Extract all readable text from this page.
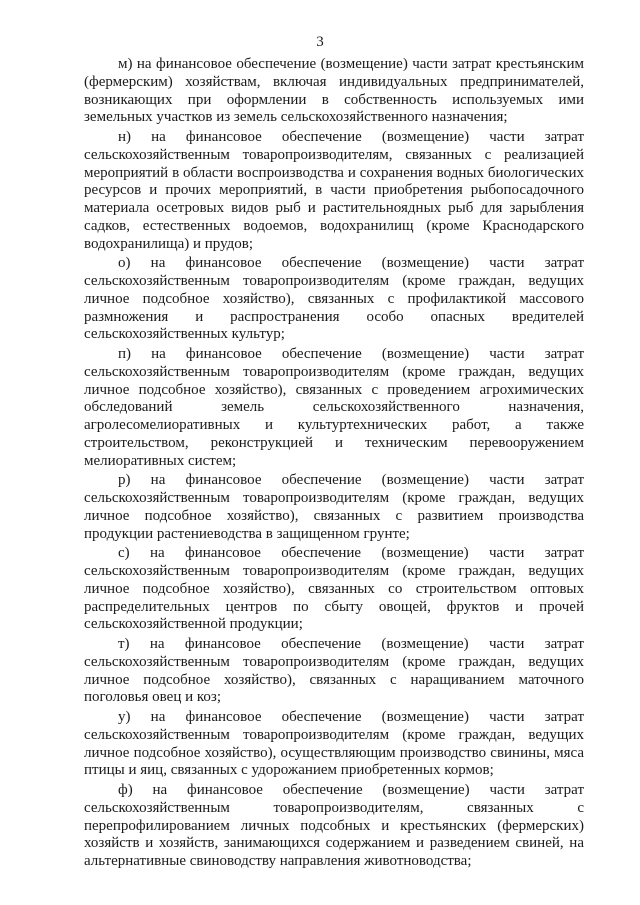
3

м) на финансовое обеспечение (возмещение) части затрат крестьянским (фермерским) хозяйствам, включая индивидуальных предпринимателей, возникающих при оформлении в собственность используемых ими земельных участков из земель сельскохозяйственного назначения;

н) на финансовое обеспечение (возмещение) части затрат сельскохозяйственным товаропроизводителям, связанных с реализацией мероприятий в области воспроизводства и сохранения водных биологических ресурсов и прочих мероприятий, в части приобретения рыбопосадочного материала осетровых видов рыб и растительноядных рыб для зарыбления садков, естественных водоемов, водохранилищ (кроме Краснодарского водохранилища) и прудов;

о) на финансовое обеспечение (возмещение) части затрат сельскохозяйственным товаропроизводителям (кроме граждан, ведущих личное подсобное хозяйство), связанных с профилактикой массового размножения и распространения особо опасных вредителей сельскохозяйственных культур;

п) на финансовое обеспечение (возмещение) части затрат сельскохозяйственным товаропроизводителям (кроме граждан, ведущих личное подсобное хозяйство), связанных с проведением агрохимических обследований земель сельскохозяйственного назначения, агролесомелиоративных и культуртехнических работ, а также строительством, реконструкцией и техническим перевооружением мелиоративных систем;

р) на финансовое обеспечение (возмещение) части затрат сельскохозяйственным товаропроизводителям (кроме граждан, ведущих личное подсобное хозяйство), связанных с развитием производства продукции растениеводства в защищенном грунте;

с) на финансовое обеспечение (возмещение) части затрат сельскохозяйственным товаропроизводителям (кроме граждан, ведущих личное подсобное хозяйство), связанных со строительством оптовых распределительных центров по сбыту овощей, фруктов и прочей сельскохозяйственной продукции;

т) на финансовое обеспечение (возмещение) части затрат сельскохозяйственным товаропроизводителям (кроме граждан, ведущих личное подсобное хозяйство), связанных с наращиванием маточного поголовья овец и коз;

у) на финансовое обеспечение (возмещение) части затрат сельскохозяйственным товаропроизводителям (кроме граждан, ведущих личное подсобное хозяйство), осуществляющим производство свинины, мяса птицы и яиц, связанных с удорожанием приобретенных кормов;

ф) на финансовое обеспечение (возмещение) части затрат сельскохозяйственным товаропроизводителям, связанных с перепрофилированием личных подсобных и крестьянских (фермерских) хозяйств и хозяйств, занимающихся содержанием и разведением свиней, на альтернативные свиноводству направления животноводства;
